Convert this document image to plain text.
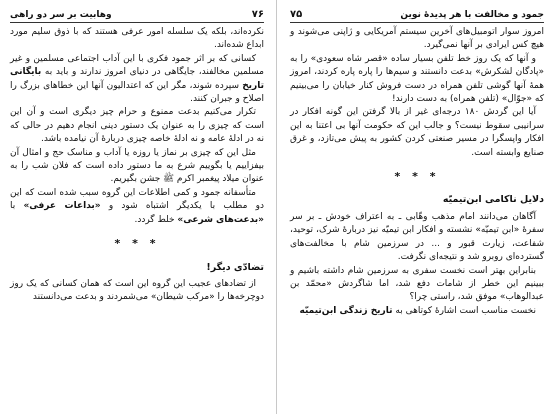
۷۶
وهابیت بر سر دو راهی

نکرده‌اند، بلکه یک سلسله امور عرفی هستند که با ذوق سلیم مورد ابداع شده‌اند.

کسانی که بر اثر جمود فکری با این آداب اجتماعی مسلمین و غیر مسلمین مخالفند، جایگاهی در دنیای امروز ندارند و باید به بایگانی تاریخ سپرده شوند، مگر این که اعتدالیون آنها این خطاهای بزرگ را اصلاح و جبران کنند.

تکرار می‌کنیم بدعت ممنوع و حرام چیز دیگری است و آن این است که چیزی را به عنوان یک دستور دینی انجام دهیم در حالی که نه در ادلهٔ عامه و نه ادلهٔ خاصه چیزی دربارهٔ آن نیامده باشد.

مثل این که چیزی بر نماز یا روزه یا آداب و مناسک حج و امثال آن بیفزاییم یا بگوییم شرع به ما دستور داده است که فلان شب را به عنوان میلاد پیغمبر اکرم ﷺ جشن بگیریم.

متأسفانه جمود و کمی اطلاعات این گروه سبب شده است که این دو مطلب با یکدیگر اشتباه شود و «بداعات عرفی» با «بدعت‌های شرعی» خلط گردد.

* * *
تضادّی دیگر!

از تضادهای عجیب این گروه این است که همان کسانی که یک روز دوچرخه‌ها را «مرکب شیطان» می‌شمردند و بدعت می‌دانستند

جمود و مخالفت با هر پدیدهٔ نوین
۷۵

امروز سوار اتومبیل‌های آخرین سیستم آمریکایی و ژاپنی می‌شوند و هیچ کس ایرادی بر آنها نمی‌گیرد.

و آنها که یک روز خط تلفن بسیار ساده «قصر شاه سعودی» را به «پادگان لشکرش» بدعت دانستند و سیم‌ها را پاره پاره کردند، امروز همهٔ آنها گوشی تلفن همراه در دست فروش کنار خیابان را می‌بینیم که «جوّال» (تلفن همراه) به دست دارند!

آیا این گردش ۱۸۰ درجه‌ای غیر از بالا گرفتن این گونه افکار در سرانیبی سقوط نیست؟ و جالب این که حکومت آنها بی اعتنا به این افکار واپسگرا در مسیر صنعتی کردن کشور به پیش می‌تازد، و غرق صنایع وابسته است.

* * *
دلایل ناکامی ابن‌تیمیّه

آگاهان می‌دانند امام مذهب وهّابی ـ به اعتراف خودش ـ بر سر سفرهٔ «ابن تیمیّه» نشسته و افکار ابن تیمیّه نیز دربارهٔ شرک، توحید، شفاعت، زیارت قبور و ... در سرزمین شام با مخالفت‌های گسترده‌ای روبرو شد و نتیجه‌ای نگرفت.

بنابراین بهتر است نخست سفری به سرزمین شام داشته باشیم و ببینیم این خطر از شامات دفع شد، اما شاگردش «محمّد بن عبدالوهاب» موفق شد، راستی چرا؟

نخست مناسب است اشارهٔ کوتاهی به تاریخ زندگی ابن‌تیمیّه
